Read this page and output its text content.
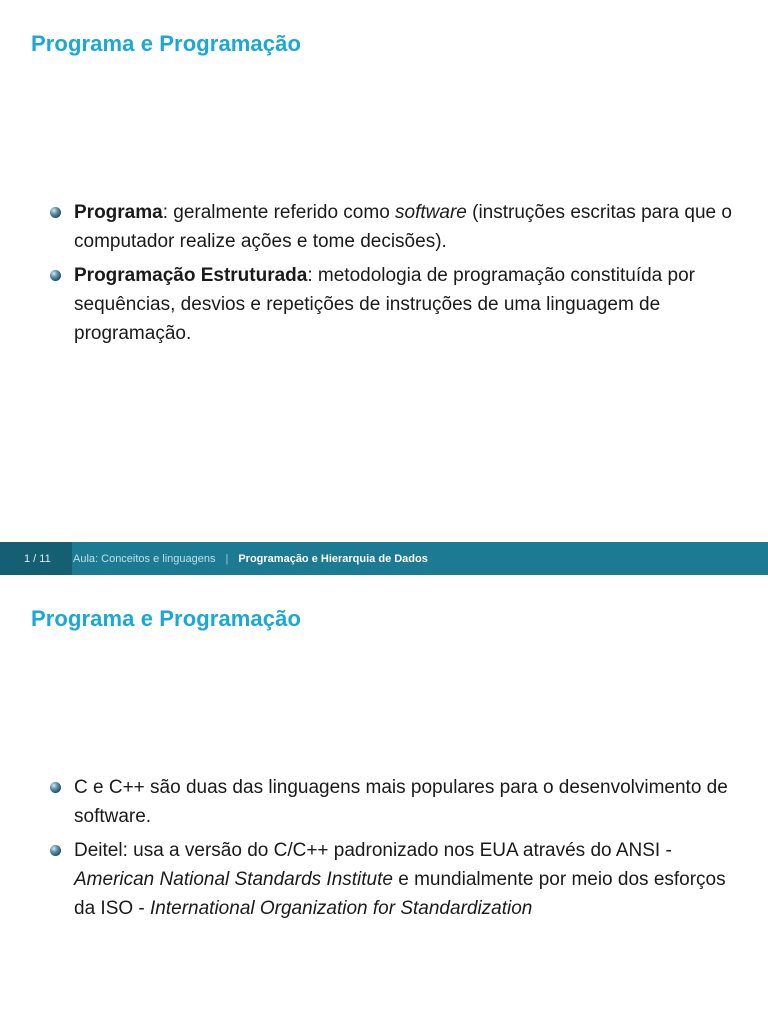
Programa e Programação
Programa: geralmente referido como software (instruções escritas para que o computador realize ações e tome decisões).
Programação Estruturada: metodologia de programação constituída por sequências, desvios e repetições de instruções de uma linguagem de programação.
1 / 11	Aula: Conceitos e linguagens | Programação e Hierarquia de Dados
Programa e Programação
C e C++ são duas das linguagens mais populares para o desenvolvimento de software.
Deitel: usa a versão do C/C++ padronizado nos EUA através do ANSI - American National Standards Institute e mundialmente por meio dos esforços da ISO - International Organization for Standardization
